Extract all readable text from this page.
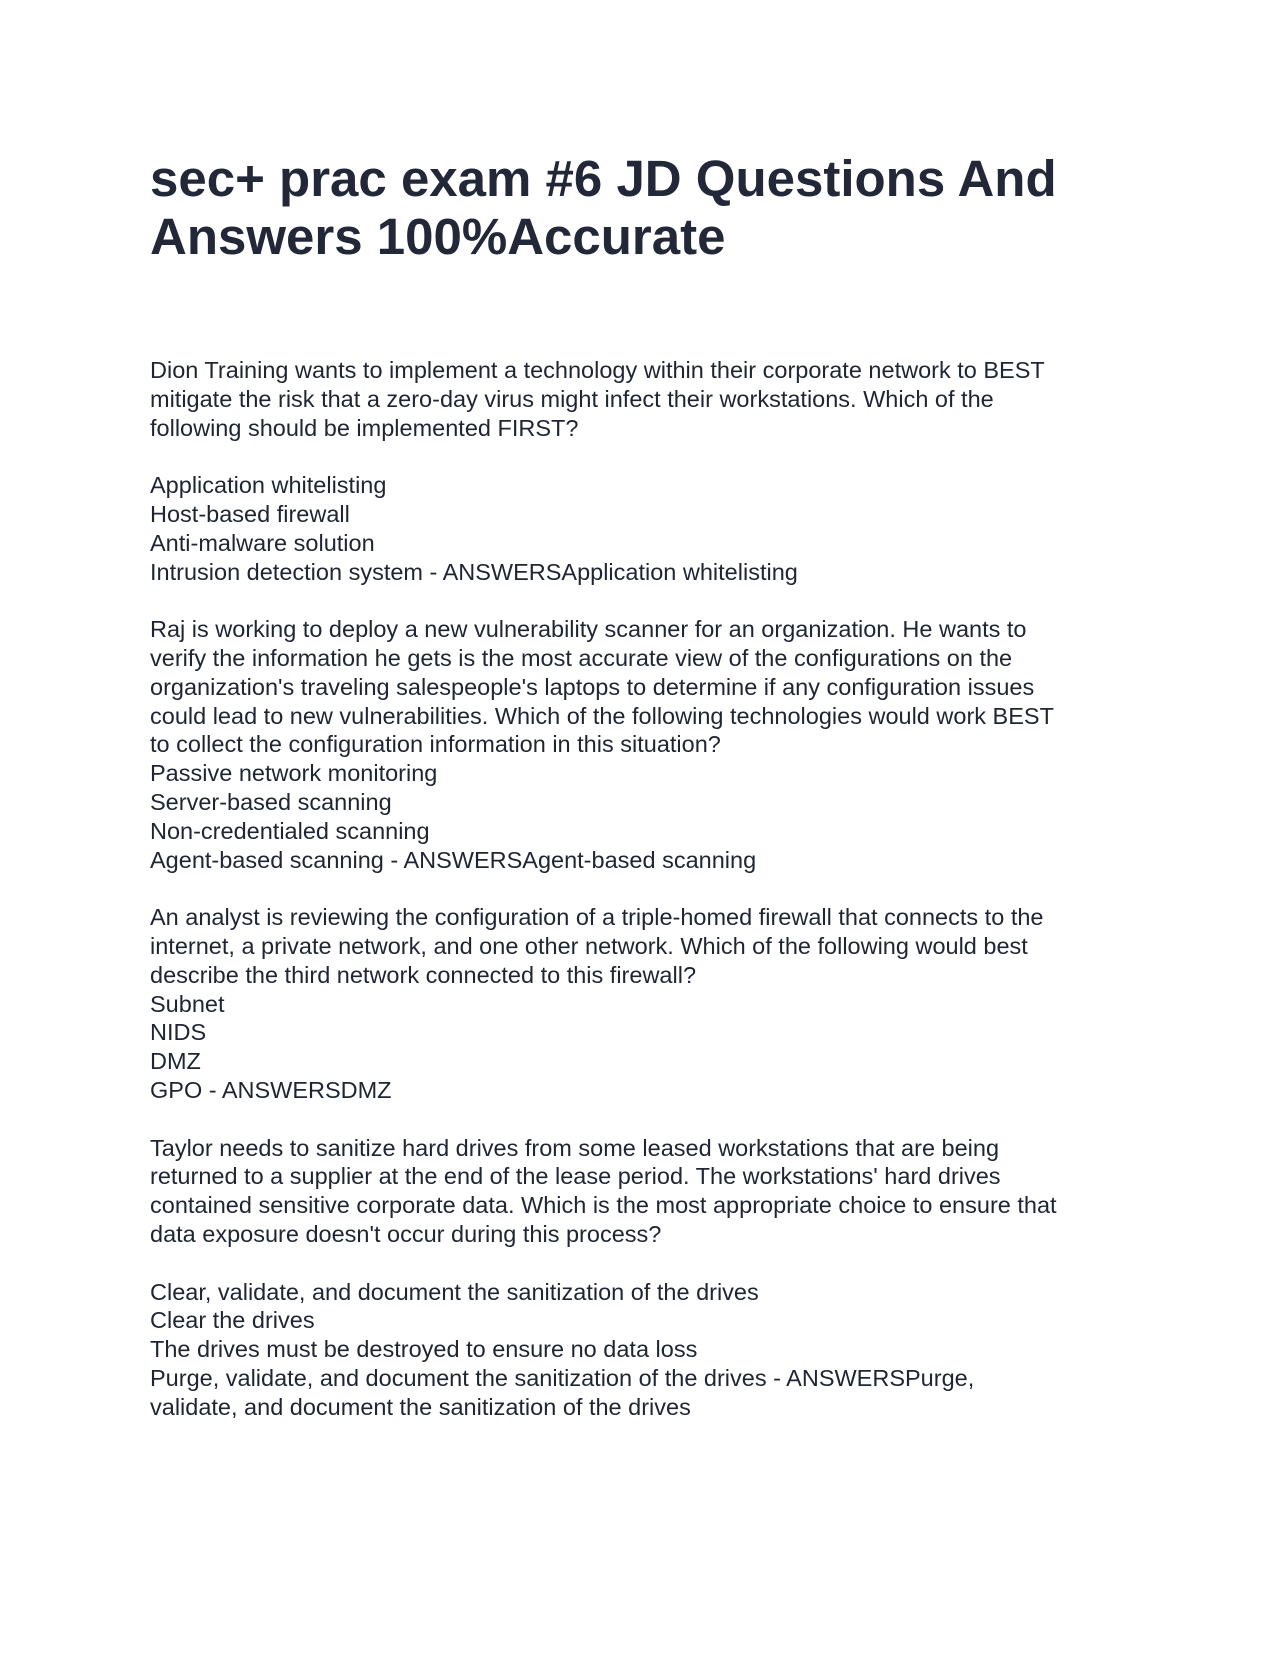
sec+ prac exam #6 JD Questions And
Answers 100%Accurate
Dion Training wants to implement a technology within their corporate network to BEST
mitigate the risk that a zero-day virus might infect their workstations. Which of the
following should be implemented FIRST?
Application whitelisting
Host-based firewall
Anti-malware solution
Intrusion detection system - ANSWERSApplication whitelisting
Raj is working to deploy a new vulnerability scanner for an organization. He wants to
verify the information he gets is the most accurate view of the configurations on the
organization's traveling salespeople's laptops to determine if any configuration issues
could lead to new vulnerabilities. Which of the following technologies would work BEST
to collect the configuration information in this situation?
Passive network monitoring
Server-based scanning
Non-credentialed scanning
Agent-based scanning - ANSWERSAgent-based scanning
An analyst is reviewing the configuration of a triple-homed firewall that connects to the
internet, a private network, and one other network. Which of the following would best
describe the third network connected to this firewall?
Subnet
NIDS
DMZ
GPO - ANSWERSDMZ
Taylor needs to sanitize hard drives from some leased workstations that are being
returned to a supplier at the end of the lease period. The workstations' hard drives
contained sensitive corporate data. Which is the most appropriate choice to ensure that
data exposure doesn't occur during this process?
Clear, validate, and document the sanitization of the drives
Clear the drives
The drives must be destroyed to ensure no data loss
Purge, validate, and document the sanitization of the drives - ANSWERSPurge,
validate, and document the sanitization of the drives
